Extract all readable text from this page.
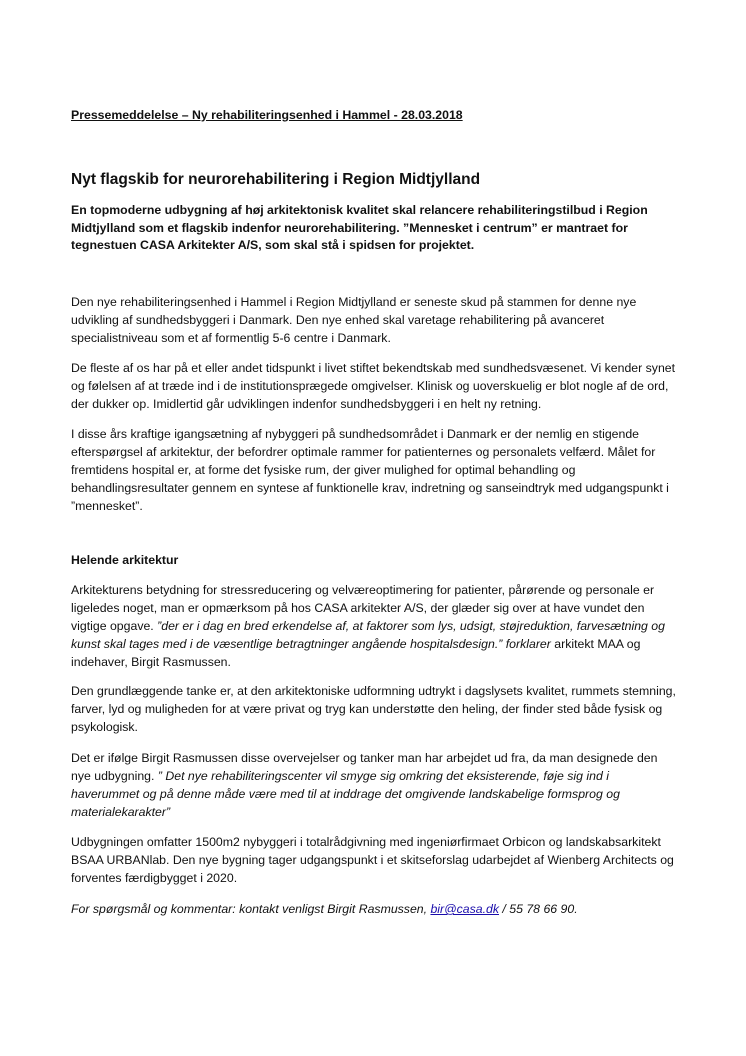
Pressemeddelelse – Ny rehabiliteringsenhed i Hammel - 28.03.2018
Nyt flagskib for neurorehabilitering i Region Midtjylland
En topmoderne udbygning af høj arkitektonisk kvalitet skal relancere rehabiliteringstilbud i Region Midtjylland som et flagskib indenfor neurorehabilitering. ”Mennesket i centrum” er mantraet for tegnestuen CASA Arkitekter A/S, som skal stå i spidsen for projektet.
Den nye rehabiliteringsenhed i Hammel i Region Midtjylland er seneste skud på stammen for denne nye udvikling af sundhedsbyggeri i Danmark. Den nye enhed skal varetage rehabilitering på avanceret specialistniveau som et af formentlig 5-6 centre i Danmark.
De fleste af os har på et eller andet tidspunkt i livet stiftet bekendtskab med sundhedsvæsenet. Vi kender synet og følelsen af at træde ind i de institutionsprægede omgivelser. Klinisk og uoverskuelig er blot nogle af de ord, der dukker op. Imidlertid går udviklingen indenfor sundhedsbyggeri i en helt ny retning.
I disse års kraftige igangsætning af nybyggeri på sundhedsområdet i Danmark er der nemlig en stigende efterspørgsel af arkitektur, der befordrer optimale rammer for patienternes og personalets velfærd. Målet for fremtidens hospital er, at forme det fysiske rum, der giver mulighed for optimal behandling og behandlingsresultater gennem en syntese af funktionelle krav, indretning og sanseindtryk med udgangspunkt i ”mennesket”.
Helende arkitektur
Arkitekturens betydning for stressreducering og velværeoptimering for patienter, pårørende og personale er ligeledes noget, man er opmærksom på hos CASA arkitekter A/S, der glæder sig over at have vundet den vigtige opgave. ”der er i dag en bred erkendelse af, at faktorer som lys, udsigt, støjreduktion, farvesætning og kunst skal tages med i de væsentlige betragtninger angående hospitalsdesign.” forklarer arkitekt MAA og indehaver, Birgit Rasmussen.
Den grundlæggende tanke er, at den arkitektoniske udformning udtrykt i dagslysets kvalitet, rummets stemning, farver, lyd og muligheden for at være privat og tryg kan understøtte den heling, der finder sted både fysisk og psykologisk.
Det er ifølge Birgit Rasmussen disse overvejelser og tanker man har arbejdet ud fra, da man designede den nye udbygning. ” Det nye rehabiliteringscenter vil smyge sig omkring det eksisterende, føje sig ind i haverummet og på denne måde være med til at inddrage det omgivende landskabelige formsprog og materialekarakter”
Udbygningen omfatter 1500m2 nybyggeri i totalrådgivning med ingeniørfirmaet Orbicon og landskabsarkitekt BSAA URBANlab. Den nye bygning tager udgangspunkt i et skitseforslag udarbejdet af Wienberg Architects og forventes færdigbygget i 2020.
For spørgsmål og kommentar: kontakt venligst Birgit Rasmussen, bir@casa.dk / 55 78 66 90.
